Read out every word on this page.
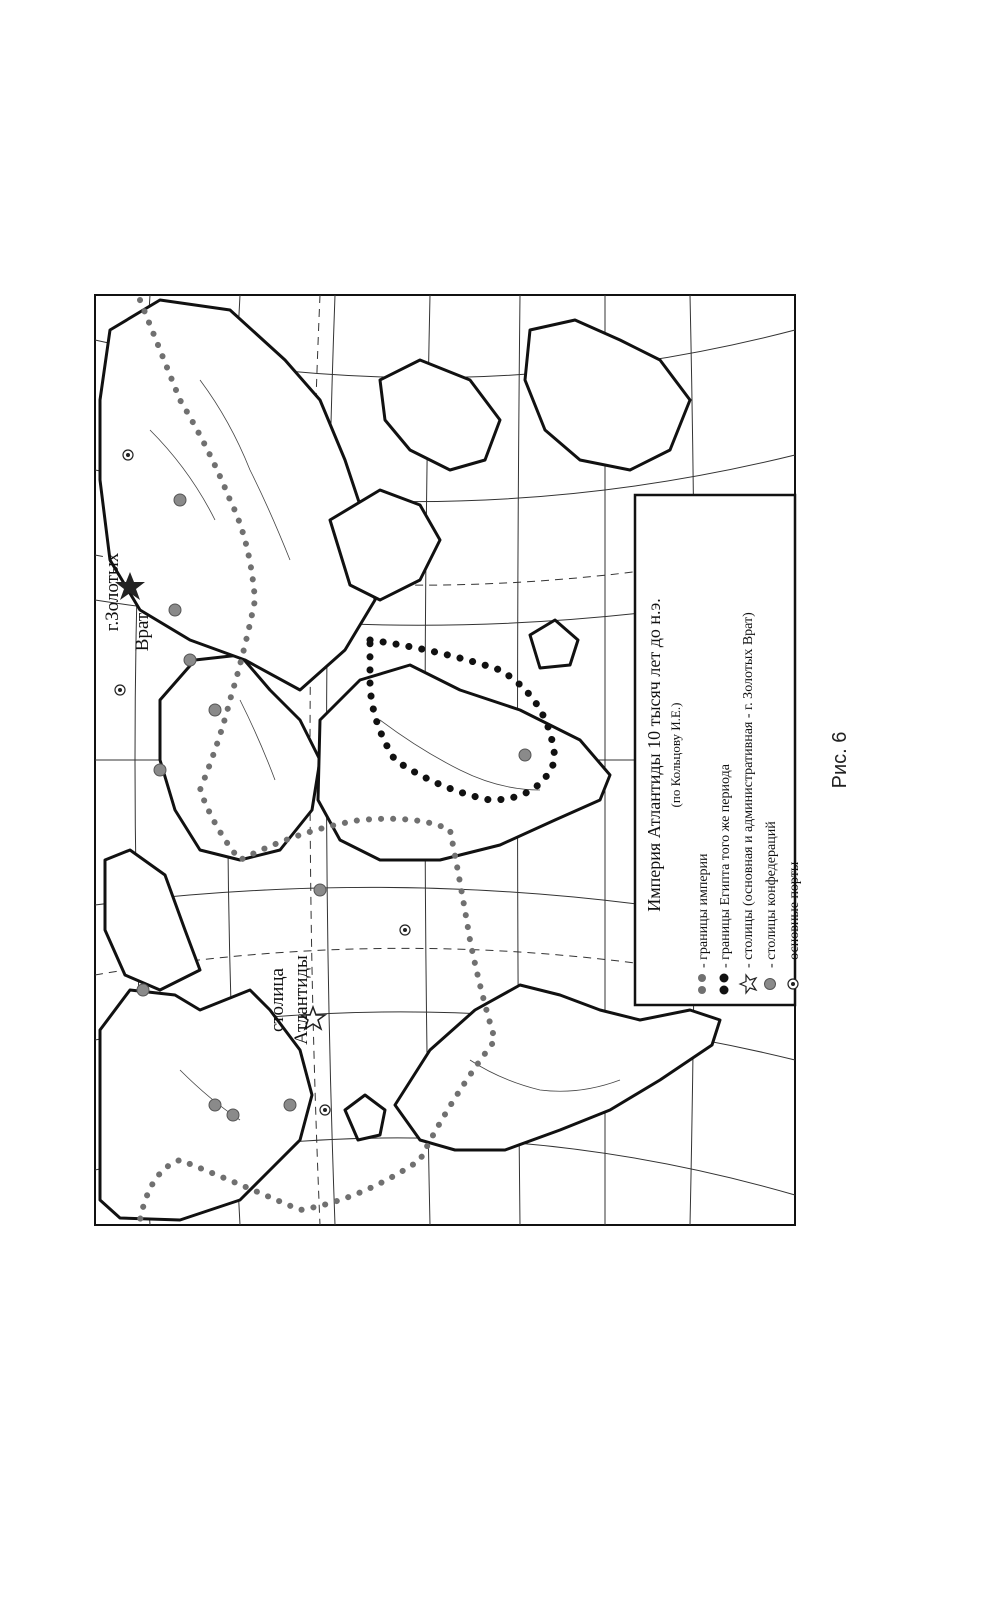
г.Золотых
Врат
столица Атлантиды
Империя Атлантиды 10 тысяч лет до н.э. (по Кольцову И.Е.)
- границы империи - границы Египта того же периода - столицы (основная и административная - г. Золотых Врат) - столицы конфедераций - основные порты
Рис. 6
